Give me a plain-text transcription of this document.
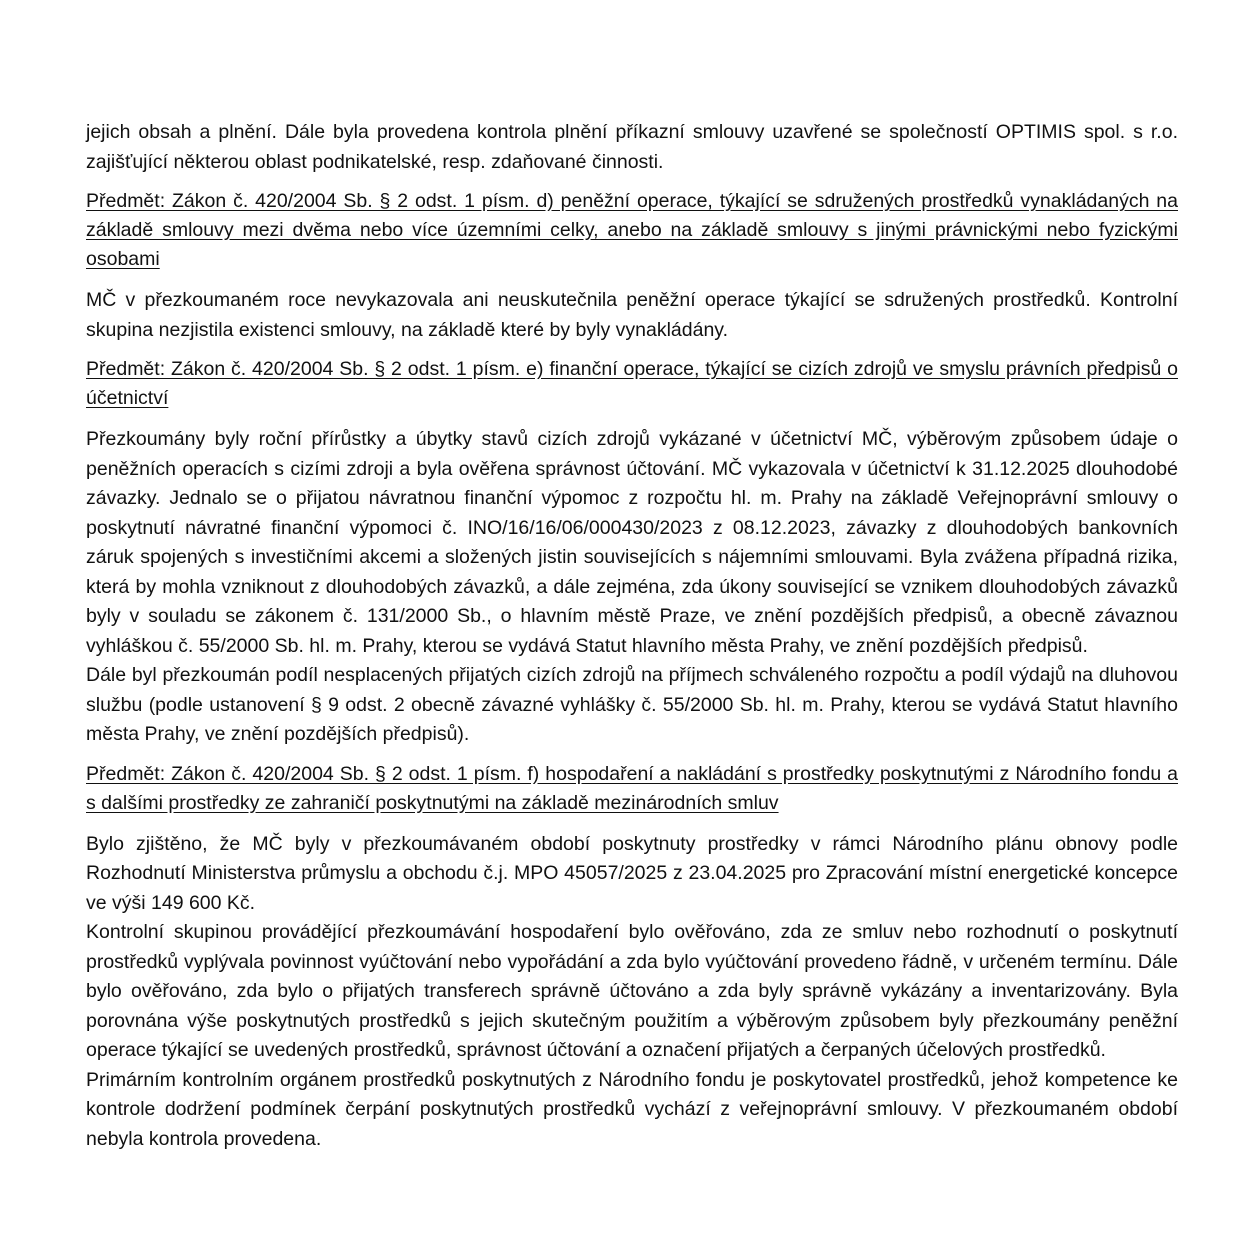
jejich obsah a plnění. Dále byla provedena kontrola plnění příkazní smlouvy uzavřené se společností OPTIMIS spol. s r.o. zajišťující některou oblast podnikatelské, resp. zdaňované činnosti.

Předmět: Zákon č. 420/2004 Sb. § 2 odst. 1 písm. d) peněžní operace, týkající se sdružených prostředků vynakládaných na základě smlouvy mezi dvěma nebo více územními celky, anebo na základě smlouvy s jinými právnickými nebo fyzickými osobami

MČ v přezkoumaném roce nevykazovala ani neuskutečnila peněžní operace týkající se sdružených prostředků. Kontrolní skupina nezjistila existenci smlouvy, na základě které by byly vynakládány.

Předmět: Zákon č. 420/2004 Sb. § 2 odst. 1 písm. e) finanční operace, týkající se cizích zdrojů ve smyslu právních předpisů o účetnictví

Přezkoumány byly roční přírůstky a úbytky stavů cizích zdrojů vykázané v účetnictví MČ, výběrovým způsobem údaje o peněžních operacích s cizími zdroji a byla ověřena správnost účtování. MČ vykazovala v účetnictví k 31.12.2025 dlouhodobé závazky. Jednalo se o přijatou návratnou finanční výpomoc z rozpočtu hl. m. Prahy na základě Veřejnoprávní smlouvy o poskytnutí návratné finanční výpomoci č. INO/16/16/06/000430/2023 z 08.12.2023, závazky z dlouhodobých bankovních záruk spojených s investičními akcemi a složených jistin souvisejících s nájemními smlouvami. Byla zvážena případná rizika, která by mohla vzniknout z dlouhodobých závazků, a dále zejména, zda úkony související se vznikem dlouhodobých závazků byly v souladu se zákonem č. 131/2000 Sb., o hlavním městě Praze, ve znění pozdějších předpisů, a obecně závaznou vyhláškou č. 55/2000 Sb. hl. m. Prahy, kterou se vydává Statut hlavního města Prahy, ve znění pozdějších předpisů.

Dále byl přezkoumán podíl nesplacených přijatých cizích zdrojů na příjmech schváleného rozpočtu a podíl výdajů na dluhovou službu (podle ustanovení § 9 odst. 2 obecně závazné vyhlášky č. 55/2000 Sb. hl. m. Prahy, kterou se vydává Statut hlavního města Prahy, ve znění pozdějších předpisů).

Předmět: Zákon č. 420/2004 Sb. § 2 odst. 1 písm. f) hospodaření a nakládání s prostředky poskytnutými z Národního fondu a s dalšími prostředky ze zahraničí poskytnutými na základě mezinárodních smluv

Bylo zjištěno, že MČ byly v přezkoumávaném období poskytnuty prostředky v rámci Národního plánu obnovy podle Rozhodnutí Ministerstva průmyslu a obchodu č.j. MPO 45057/2025 z 23.04.2025 pro Zpracování místní energetické koncepce ve výši 149 600 Kč.

Kontrolní skupinou provádějící přezkoumávání hospodaření bylo ověřováno, zda ze smluv nebo rozhodnutí o poskytnutí prostředků vyplývala povinnost vyúčtování nebo vypořádání a zda bylo vyúčtování provedeno řádně, v určeném termínu. Dále bylo ověřováno, zda bylo o přijatých transferech správně účtováno a zda byly správně vykázány a inventarizovány. Byla porovnána výše poskytnutých prostředků s jejich skutečným použitím a výběrovým způsobem byly přezkoumány peněžní operace týkající se uvedených prostředků, správnost účtování a označení přijatých a čerpaných účelových prostředků.

Primárním kontrolním orgánem prostředků poskytnutých z Národního fondu je poskytovatel prostředků, jehož kompetence ke kontrole dodržení podmínek čerpání poskytnutých prostředků vychází z veřejnoprávní smlouvy. V přezkoumaném období nebyla kontrola provedena.
